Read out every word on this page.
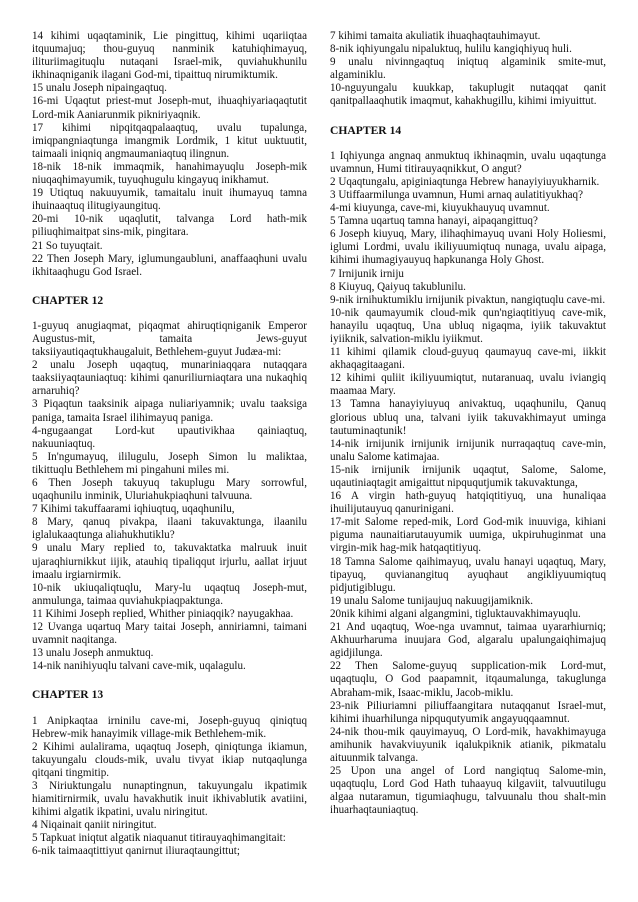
14 kihimi uqaqtaminik, Lie pingittuq, kihimi uqariiqtaa itquumajuq; thou-guyuq nanminik katuhiqhimayuq, ilituriimagituqlu nutaqani Israel-mik, quviahukhunilu ikhinaqniganik ilagani God-mi, tipaittuq nirumiktumik.

15 unalu Joseph nipaingaqtuq.

16-mi Uqaqtut priest-mut Joseph-mut, ihuaqhiyariaqaqtutit Lord-mik Aaniarunmik pikniriyaqnik.

17 kihimi nipqitqaqpalaaqtuq, uvalu tupalunga, imiqpangniaqtunga imangmik Lordmik, 1 kitut uuktuutit, taimaali iniqniq angmaumaniaqtuq ilingnun.

18-nik 18-nik immaqmik, hanahimayuqlu Joseph-mik niuqaqhimayumik, tuyuqhugulu kingayuq inikhamut.

19 Utiqtuq nakuuyumik, tamaitalu inuit ihumayuq tamna ihuinaaqtuq ilitugiyaungituq.

20-mi 10-nik uqaqlutit, talvanga Lord hath-mik piliuqhimaitpat sins-mik, pingitara.

21 So tuyuqtait.

22 Then Joseph Mary, iglumungaubluni, anaffaaqhuni uvalu ikhitaaqhugu God Israel.

CHAPTER 12

1-guyuq anugiaqmat, piqaqmat ahiruqtiqniganik Emperor Augustus-mit, tamaita Jews-guyut taksiiyautiqaqtukhaugaluit, Bethlehem-guyut Judæa-mi:

2 unalu Joseph uqaqtuq, munariniaqqara nutaqqara taaksiiyaqtauniaqtuq: kihimi qanuriliurniaqtara una nukaqhiq arnaruhiq?

3 Piqaqtun taaksinik aipaga nuliariyamnik; uvalu taaksiga paniga, tamaita Israel ilihimayuq paniga.

4-ngugaangat Lord-kut upautivikhaa qainiaqtuq, nakuuniaqtuq.

5 In'ngumayuq, ililugulu, Joseph Simon lu maliktaa, tikittuqlu Bethlehem mi pingahuni miles mi.

6 Then Joseph takuyuq takuplugu Mary sorrowful, uqaqhunilu inminik, Uluriahukpiaqhuni talvuuna.

7 Kihimi takuffaarami iqhiuqtuq, uqaqhunilu,

8 Mary, qanuq pivakpa, ilaani takuvaktunga, ilaanilu iglalukaaqtunga aliahukhutiklu?

9 unalu Mary replied to, takuvaktatka malruuk inuit ujaraqhiurnikkut iijik, atauhiq tipaliqqut irjurlu, aallat irjuut imaalu irgiarnirmik.

10-nik ukiuqaliqtuqlu, Mary-lu uqaqtuq Joseph-mut, anmulunga, taimaa quviahukpiaqpaktunga.

11 Kihimi Joseph replied, Whither piniaqqik? nayugakhaa.

12 Uvanga uqartuq Mary taitai Joseph, anniriamni, taimani uvamnit naqitanga.

13 unalu Joseph anmuktuq.

14-nik nanihiyuqlu talvani cave-mik, uqalagulu.

CHAPTER 13

1 Anipkaqtaa irninilu cave-mi, Joseph-guyuq qiniqtuq Hebrew-mik hanayimik village-mik Bethlehem-mik.

2 Kihimi aulalirama, uqaqtuq Joseph, qiniqtunga ikiamun, takuyungalu clouds-mik, uvalu tivyat ikiap nutqaqlunga qitqani tingmitip.

3 Niriuktungalu nunaptingnun, takuyungalu ikpatimik hiamitirnirmik, uvalu havakhutik inuit ikhivablutik avatiini, kihimi algatik ikpatini, uvalu niringitut.

4 Niqainait qaniit niringitut.

5 Tapkuat iniqtut algatik niaquanut titirauyaqhimangitait:

6-nik taimaaqtittiyut qanirnut iliuraqtaungittut;

7 kihimi tamaita akuliatik ihuaqhaqtauhimayut.

8-nik iqhiyungalu nipaluktuq, hulilu kangiqhiyuq huli.

9 unalu nivinngaqtuq iniqtuq algaminik smite-mut, algaminiklu.

10-nguyungalu kuukkap, takuplugit nutaqqat qanit qanitpallaaqhutik imaqmut, kahakhugillu, kihimi imiyuittut.

CHAPTER 14

1 Iqhiyunga angnaq anmuktuq ikhinaqmin, uvalu uqaqtunga uvamnun, Humi titirauyaqnikkut, O angut?

2 Uqaqtungalu, apiginiaqtunga Hebrew hanayiyiuyukharnik.

3 Utiffaarmilunga uvamnun, Humi arnaq aulatitiyukhaq?

4-mi kiuyunga, cave-mi, kiuyukhauyuq uvamnut.

5 Tamna uqartuq tamna hanayi, aipaqangittuq?

6 Joseph kiuyuq, Mary, ilihaqhimayuq uvani Holy Holiesmi, iglumi Lordmi, uvalu ikiliyuumiqtuq nunaga, uvalu aipaga, kihimi ihumagiyauyuq hapkunanga Holy Ghost.

7 Irnijunik irniju

8 Kiuyuq, Qaiyuq takublunilu.

9-nik irnihuktumiklu irnijunik pivaktun, nangiqtuqlu cave-mi.

10-nik qaumayumik cloud-mik qun'ngiaqtitiyuq cave-mik, hanayilu uqaqtuq, Una ubluq nigaqma, iyiik takuvaktut iyiiknik, salvation-miklu iyiikmut.

11 kihimi qilamik cloud-guyuq qaumayuq cave-mi, iikkit akhaqagitaagani.

12 kihimi quliit ikiliyuumiqtut, nutaranuaq, uvalu iviangiq maamaa Mary.

13 Tamna hanayiyiuyuq anivaktuq, uqaqhunilu, Qanuq glorious ubluq una, talvani iyiik takuvakhimayut uminga tautuminaqtunik!

14-nik irnijunik irnijunik irnijunik nurraqaqtuq cave-min, unalu Salome katimajaa.

15-nik irnijunik irnijunik uqaqtut, Salome, Salome, uqautiniaqtagit amigaittut nipququtjumik takuvaktunga,

16 A virgin hath-guyuq hatqiqtitiyuq, una hunaliqaa ihuilijutauyuq qanurinigani.

17-mit Salome reped-mik, Lord God-mik inuuviga, kihiani piguma naunaitiarutauyumik uumiga, ukpiruhuginmat una virgin-mik hag-mik hatqaqtitiyuq.

18 Tamna Salome qaihimayuq, uvalu hanayi uqaqtuq, Mary, tipayuq, quvianangituq ayuqhaut angikliyuumiqtuq pidjutigiblugu.

19 unalu Salome tunijaujuq nakuugijamiknik.

20nik kihimi algani algangmini, tigluktauvakhimayuqlu.

21 And uqaqtuq, Woe-nga uvamnut, taimaa uyararhiurniq; Akhuurharuma inuujara God, algaralu upalungaiqhimajuq agidjilunga.

22 Then Salome-guyuq supplication-mik Lord-mut, uqaqtuqlu, O God paapamnit, itqaumalunga, takuglunga Abraham-mik, Isaac-miklu, Jacob-miklu.

23-nik Piliuriamni piliuffaangitara nutaqqanut Israel-mut, kihimi ihuarhilunga nipququtyumik angayuqqaamnut.

24-nik thou-mik qauyimayuq, O Lord-mik, havakhimayuga amihunik havakviuyunik iqalukpiknik atianik, pikmatalu aituunmik talvanga.

25 Upon una angel of Lord nangiqtuq Salome-min, uqaqtuqlu, Lord God Hath tuhaayuq kilgaviit, talvuutilugu algaa nutaramun, tigumiaqhugu, talvuunalu thou shalt-min ihuarhaqtauniaqtuq.
